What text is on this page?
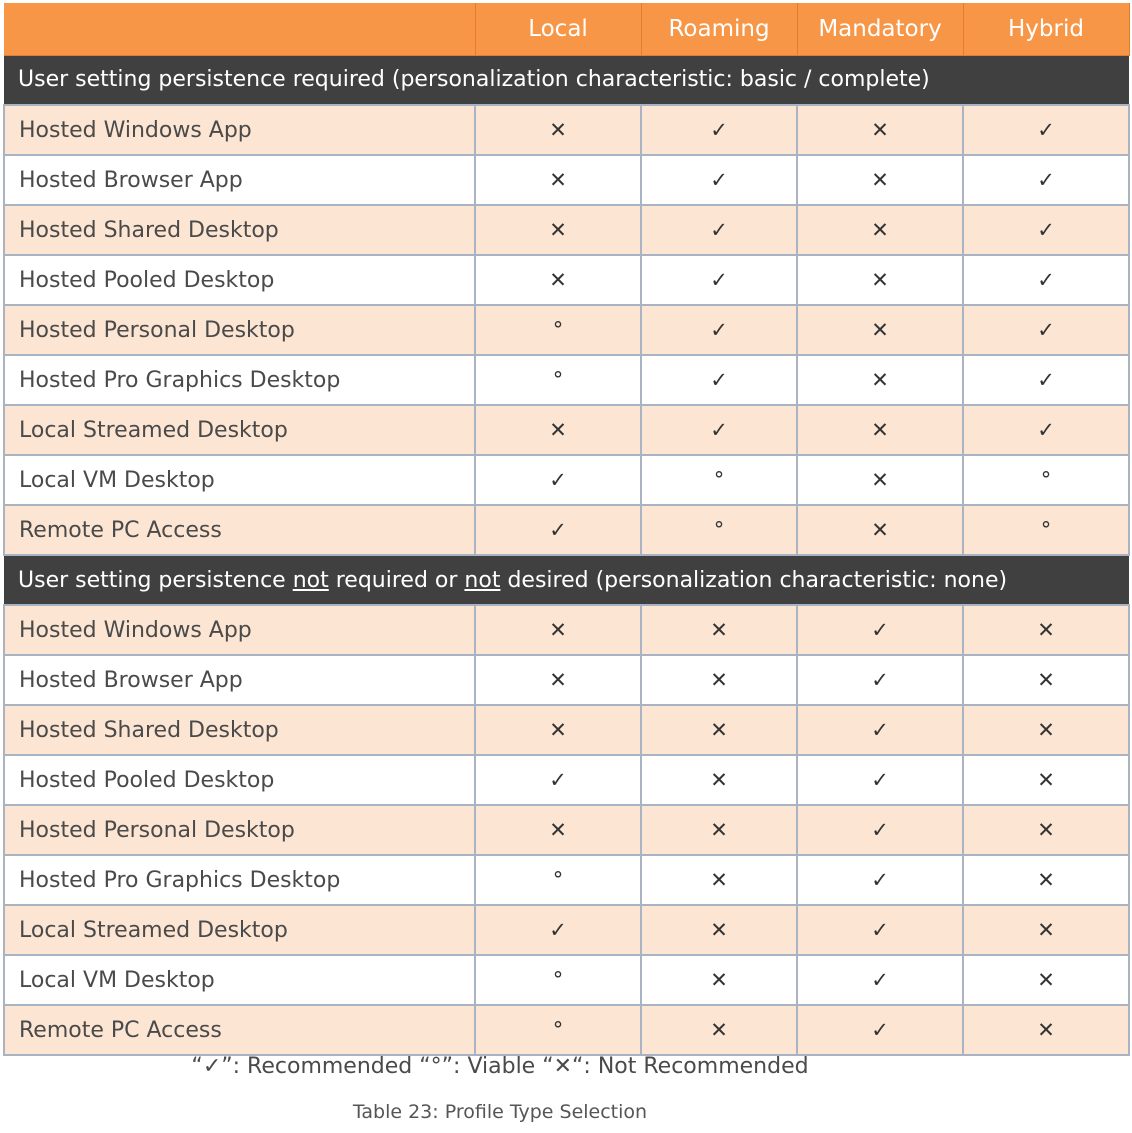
	Local	Roaming	Mandatory	Hybrid
User setting persistence required (personalization characteristic: basic / complete)				
Hosted Windows App	✕	✓	✕	✓
Hosted Browser App	✕	✓	✕	✓
Hosted Shared Desktop	✕	✓	✕	✓
Hosted Pooled Desktop	✕	✓	✕	✓
Hosted Personal Desktop	°	✓	✕	✓
Hosted Pro Graphics Desktop	°	✓	✕	✓
Local Streamed Desktop	✕	✓	✕	✓
Local VM Desktop	✓	°	✕	°
Remote PC Access	✓	°	✕	°
User setting persistence not required or not desired (personalization characteristic: none)				
Hosted Windows App	✕	✕	✓	✕
Hosted Browser App	✕	✕	✓	✕
Hosted Shared Desktop	✕	✕	✓	✕
Hosted Pooled Desktop	✓	✕	✓	✕
Hosted Personal Desktop	✕	✕	✓	✕
Hosted Pro Graphics Desktop	°	✕	✓	✕
Local Streamed Desktop	✓	✕	✓	✕
Local VM Desktop	°	✕	✓	✕
Remote PC Access	°	✕	✓	✕
“✓”: Recommended “°”: Viable “✕“: Not Recommended
Table 23: Profile Type Selection
